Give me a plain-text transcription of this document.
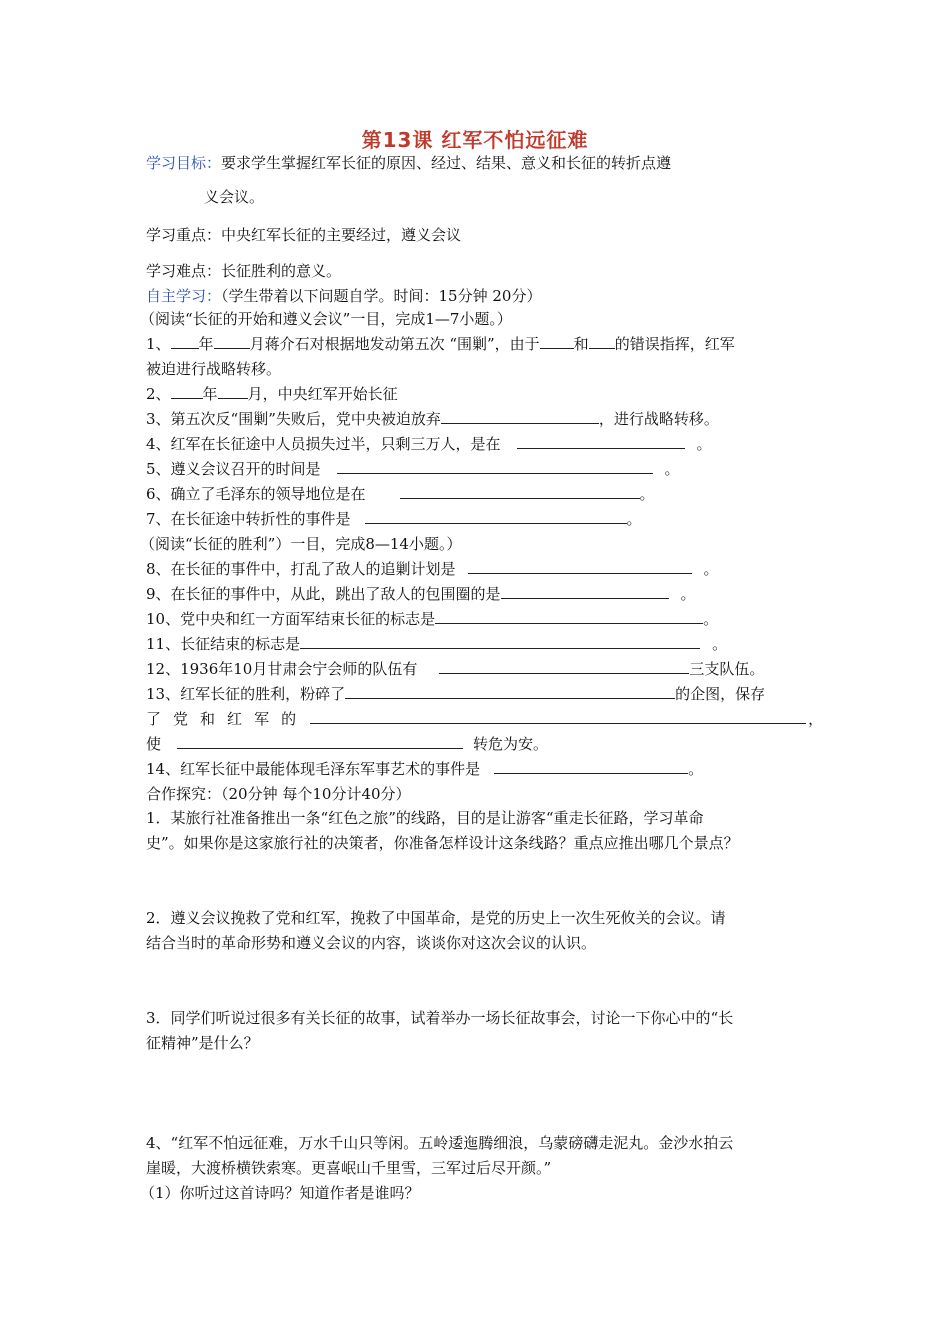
第13课 红军不怕远征难
学习目标：要求学生掌握红军长征的原因、经过、结果、意义和长征的转折点遵
义会议。
学习重点：中央红军长征的主要经过，遵义会议
学习难点：长征胜利的意义。
自主学习：（学生带着以下问题自学。时间：15分钟 20分）
（阅读“长征的开始和遵义会议”一目，完成1—7小题。）
1、 年 月蒋介石对根据地发动第五次 “围剿”，由于 和 的错误指挥，红军
被迫进行战略转移。
2、 年 月，中央红军开始长征
3、第五次反“围剿”失败后，党中央被迫放弃	，进行战略转移。
4、红军在长征途中人员损失过半，只剩三万人，是在	。
5、遵义会议召开的时间是	。
6、确立了毛泽东的领导地位是在	。
7、在长征途中转折性的事件是	。
（阅读“长征的胜利”）一目，完成8—14小题。）
8、在长征的事件中，打乱了敌人的追剿计划是	。
9、在长征的事件中，从此，跳出了敌人的包围圈的是	。
10、党中央和红一方面军结束长征的标志是	。
11、长征结束的标志是	。
12、1936年10月甘肃会宁会师的队伍有	三支队伍。
13、红军长征的胜利，粉碎了	的企图，保存
了 党 和 红 军 的	，
使	转危为安。
14、红军长征中最能体现毛泽东军事艺术的事件是	。
合作探究：（20分钟 每个10分计40分）
1．某旅行社准备推出一条“红色之旅”的线路，目的是让游客“重走长征路，学习革命
史”。如果你是这家旅行社的决策者，你准备怎样设计这条线路？重点应推出哪几个景点？
2．遵义会议挽救了党和红军，挽救了中国革命，是党的历史上一次生死攸关的会议。请
结合当时的革命形势和遵义会议的内容，谈谈你对这次会议的认识。
3．同学们听说过很多有关长征的故事，试着举办一场长征故事会，讨论一下你心中的“长
征精神”是什么？
4、“红军不怕远征难，万水千山只等闲。五岭逶迤腾细浪，乌蒙磅礴走泥丸。金沙水拍云
崖暖，大渡桥横铁索寒。更喜岷山千里雪，三军过后尽开颜。”
（1）你听过这首诗吗？知道作者是谁吗？
